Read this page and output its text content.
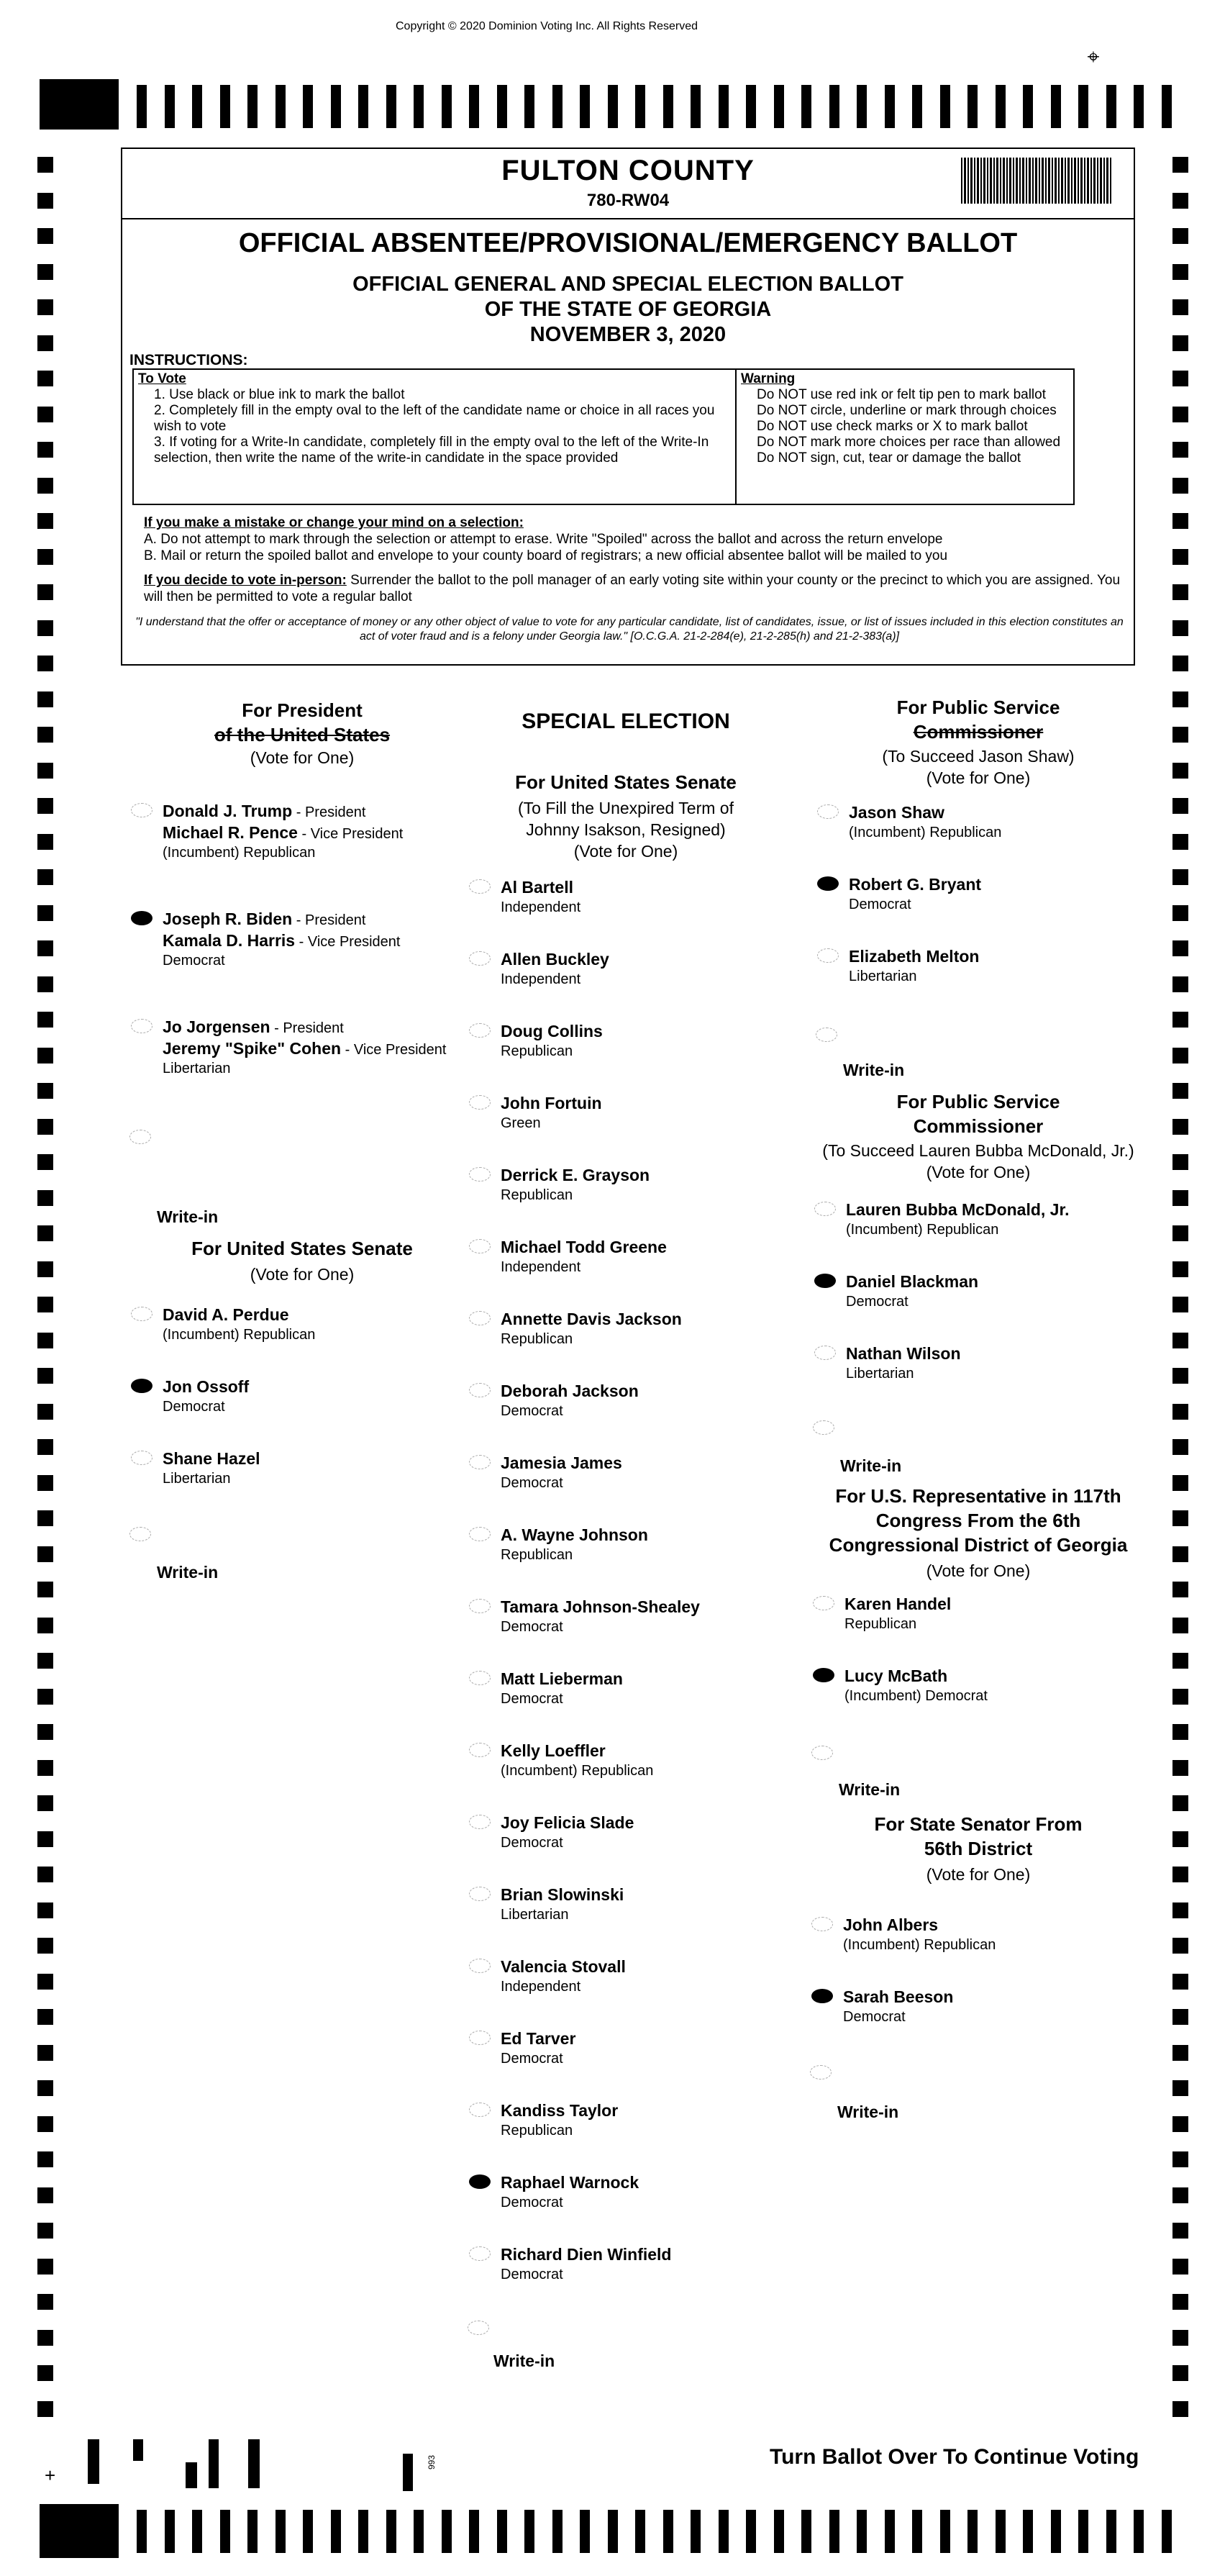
Copyright © 2020 Dominion Voting Inc. All Rights Reserved
⌖
FULTON COUNTY
780-RW04
OFFICIAL ABSENTEE/PROVISIONAL/EMERGENCY BALLOT
OFFICIAL GENERAL AND SPECIAL ELECTION BALLOT
OF THE STATE OF GEORGIA
NOVEMBER 3, 2020
INSTRUCTIONS:
To Vote
1. Use black or blue ink to mark the ballot
2. Completely fill in the empty oval to the left of the candidate name or choice in all races you wish to vote
3. If voting for a Write-In candidate, completely fill in the empty oval to the left of the Write-In selection, then write the name of the write-in candidate in the space provided
Warning
Do NOT use red ink or felt tip pen to mark ballot
Do NOT circle, underline or mark through choices
Do NOT use check marks or X to mark ballot
Do NOT mark more choices per race than allowed
Do NOT sign, cut, tear or damage the ballot
If you make a mistake or change your mind on a selection:
A. Do not attempt to mark through the selection or attempt to erase. Write "Spoiled" across the ballot and across the return envelope
B. Mail or return the spoiled ballot and envelope to your county board of registrars; a new official absentee ballot will be mailed to you
If you decide to vote in-person: Surrender the ballot to the poll manager of an early voting site within your county or the precinct to which you are assigned. You will then be permitted to vote a regular ballot
"I understand that the offer or acceptance of money or any other object of value to vote for any particular candidate, list of candidates, issue, or list of issues included in this election constitutes an act of voter fraud and is a felony under Georgia law." [O.C.G.A. 21-2-284(e), 21-2-285(h) and 21-2-383(a)]
For President
of the United States
(Vote for One)
Donald J. Trump - President
Michael R. Pence - Vice President
(Incumbent) Republican
Joseph R. Biden - President
Kamala D. Harris - Vice President
Democrat
Jo Jorgensen - President
Jeremy "Spike" Cohen - Vice President
Libertarian
Write-in
For United States Senate
(Vote for One)
David A. Perdue
(Incumbent) Republican
Jon Ossoff
Democrat
Shane Hazel
Libertarian
Write-in
SPECIAL ELECTION
For United States Senate
(To Fill the Unexpired Term of
Johnny Isakson, Resigned)
(Vote for One)
Al Bartell
Independent
Allen Buckley
Independent
Doug Collins
Republican
John Fortuin
Green
Derrick E. Grayson
Republican
Michael Todd Greene
Independent
Annette Davis Jackson
Republican
Deborah Jackson
Democrat
Jamesia James
Democrat
A. Wayne Johnson
Republican
Tamara Johnson-Shealey
Democrat
Matt Lieberman
Democrat
Kelly Loeffler
(Incumbent) Republican
Joy Felicia Slade
Democrat
Brian Slowinski
Libertarian
Valencia Stovall
Independent
Ed Tarver
Democrat
Kandiss Taylor
Republican
Raphael Warnock
Democrat
Richard Dien Winfield
Democrat
Write-in
For Public Service
Commissioner
(To Succeed Jason Shaw)
(Vote for One)
Jason Shaw
(Incumbent) Republican
Robert G. Bryant
Democrat
Elizabeth Melton
Libertarian
Write-in
For Public Service
Commissioner
(To Succeed Lauren Bubba McDonald, Jr.)
(Vote for One)
Lauren Bubba McDonald, Jr.
(Incumbent) Republican
Daniel Blackman
Democrat
Nathan Wilson
Libertarian
Write-in
For U.S. Representative in 117th
Congress From the 6th
Congressional District of Georgia
(Vote for One)
Karen Handel
Republican
Lucy McBath
(Incumbent) Democrat
Write-in
For State Senator From
56th District
(Vote for One)
John Albers
(Incumbent) Republican
Sarah Beeson
Democrat
Write-in
+
993	Turn Ballot Over To Continue Voting
